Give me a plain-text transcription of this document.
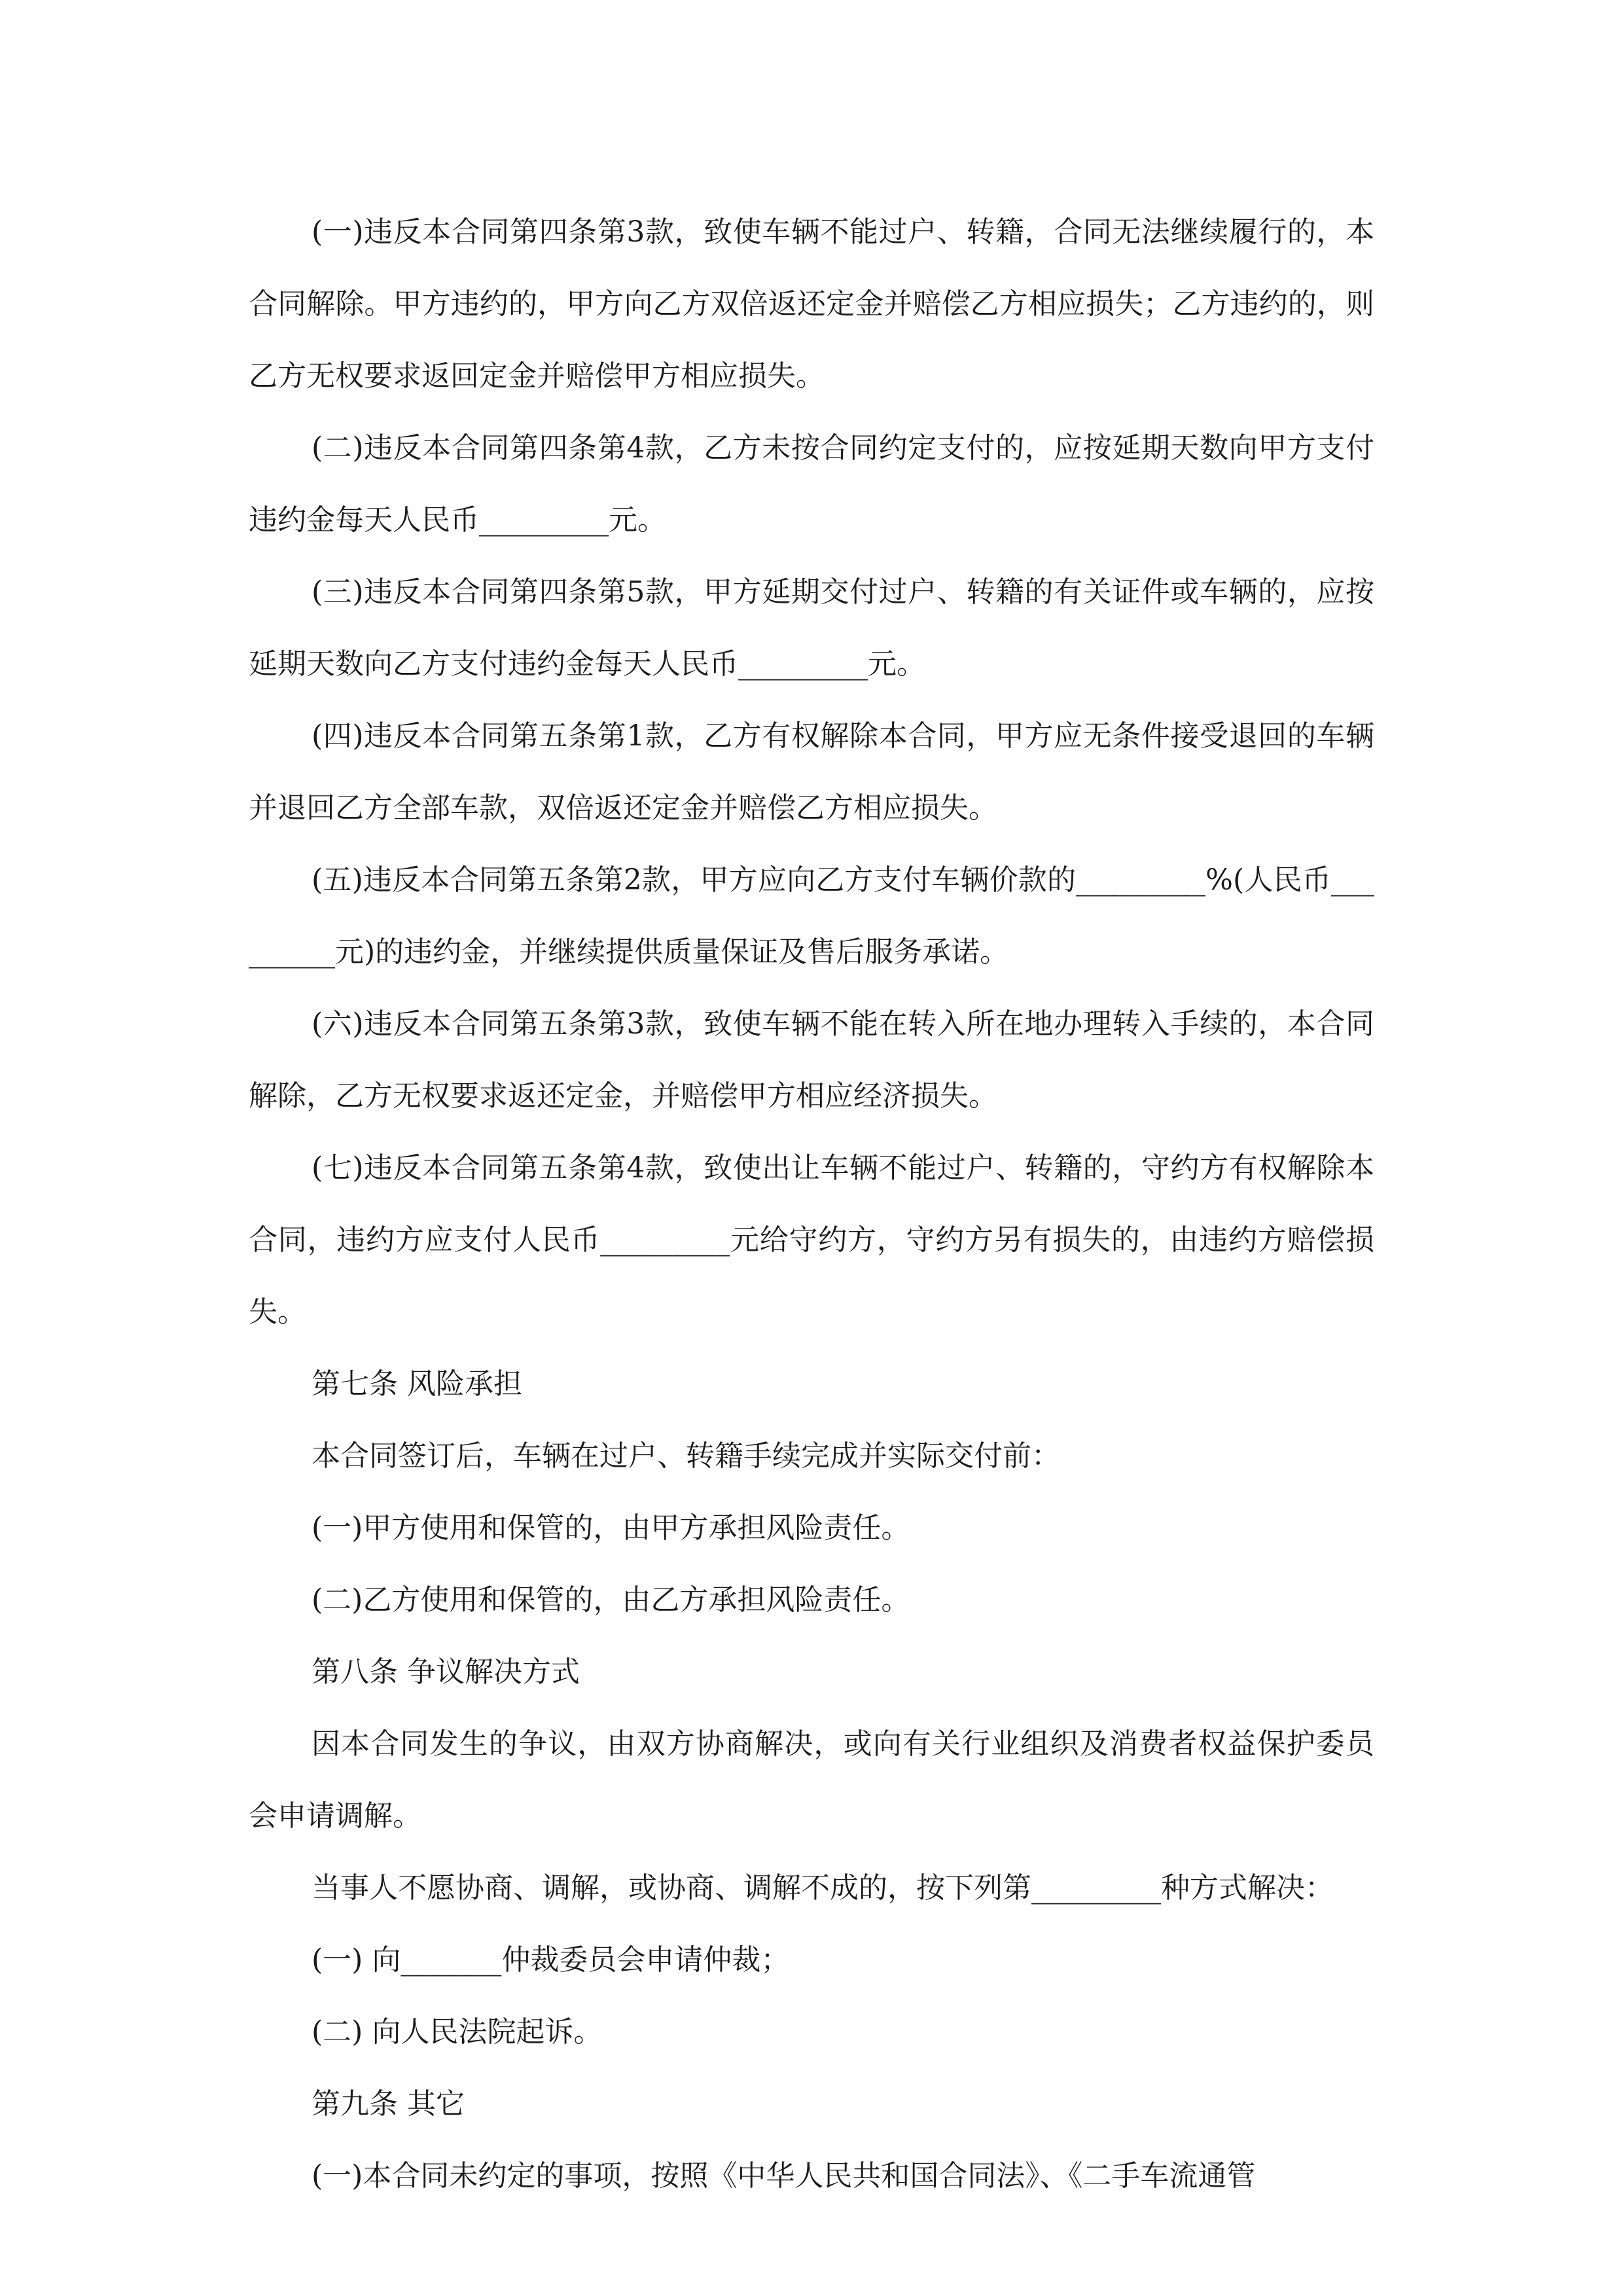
(一)违反本合同第四条第3款，致使车辆不能过户、转籍，合同无法继续履行的，本合同解除。甲方违约的，甲方向乙方双倍返还定金并赔偿乙方相应损失；乙方违约的，则乙方无权要求返回定金并赔偿甲方相应损失。

(二)违反本合同第四条第4款，乙方未按合同约定支付的，应按延期天数向甲方支付违约金每天人民币_________元。

(三)违反本合同第四条第5款，甲方延期交付过户、转籍的有关证件或车辆的，应按延期天数向乙方支付违约金每天人民币_________元。

(四)违反本合同第五条第1款，乙方有权解除本合同，甲方应无条件接受退回的车辆并退回乙方全部车款，双倍返还定金并赔偿乙方相应损失。

(五)违反本合同第五条第2款，甲方应向乙方支付车辆价款的_________%(人民币_________元)的违约金，并继续提供质量保证及售后服务承诺。

(六)违反本合同第五条第3款，致使车辆不能在转入所在地办理转入手续的，本合同解除，乙方无权要求返还定金，并赔偿甲方相应经济损失。

(七)违反本合同第五条第4款，致使出让车辆不能过户、转籍的，守约方有权解除本合同，违约方应支付人民币_________元给守约方，守约方另有损失的，由违约方赔偿损失。

第七条 风险承担

本合同签订后，车辆在过户、转籍手续完成并实际交付前：

(一)甲方使用和保管的，由甲方承担风险责任。

(二)乙方使用和保管的，由乙方承担风险责任。

第八条 争议解决方式

因本合同发生的争议，由双方协商解决，或向有关行业组织及消费者权益保护委员会申请调解。

当事人不愿协商、调解，或协商、调解不成的，按下列第_________种方式解决：

(一) 向_______仲裁委员会申请仲裁；

(二) 向人民法院起诉。

第九条 其它

(一)本合同未约定的事项，按照《中华人民共和国合同法》、《二手车流通管
